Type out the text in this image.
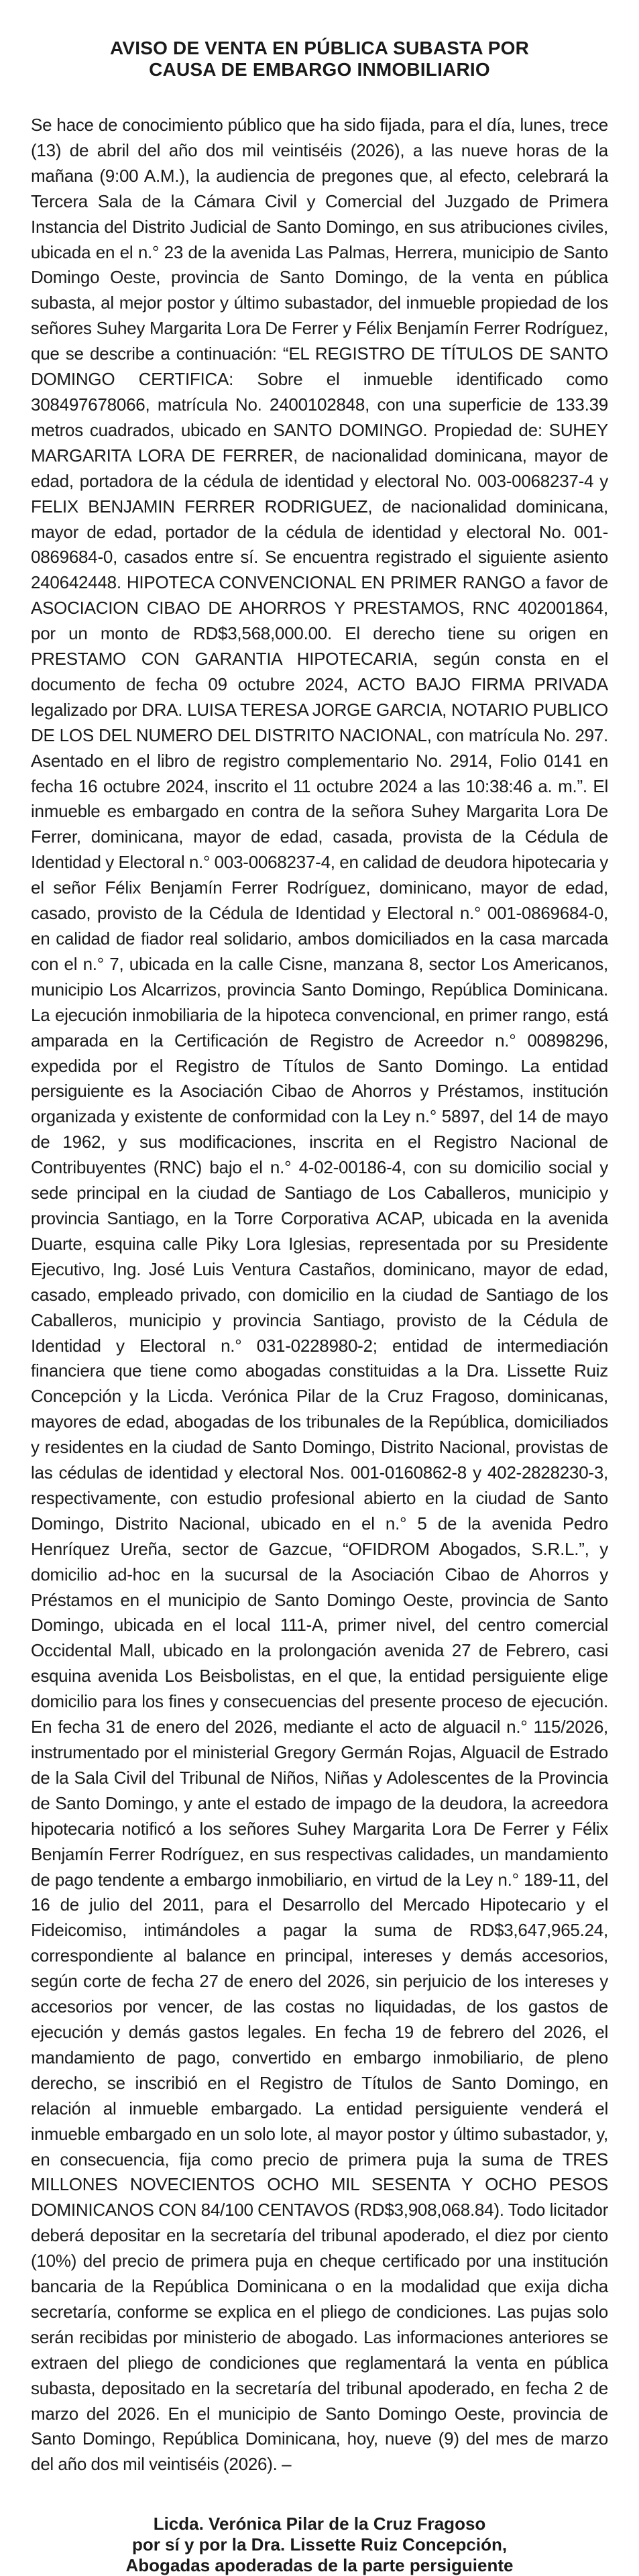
AVISO DE VENTA EN PÚBLICA SUBASTA POR
CAUSA DE EMBARGO INMOBILIARIO

Se hace de conocimiento público que ha sido fijada, para el día, lunes, trece (13) de abril del año dos mil veintiséis (2026), a las nueve horas de la mañana (9:00 A.M.), la audiencia de pregones que, al efecto, celebrará la Tercera Sala de la Cámara Civil y Comercial del Juzgado de Primera Instancia del Distrito Judicial de Santo Domingo, en sus atribuciones civiles, ubicada en el n.° 23 de la avenida Las Palmas, Herrera, municipio de Santo Domingo Oeste, provincia de Santo Domingo, de la venta en pública subasta, al mejor postor y último subastador, del inmueble propiedad de los señores Suhey Margarita Lora De Ferrer y Félix Benjamín Ferrer Rodríguez, que se describe a continuación: “EL REGISTRO DE TÍTULOS DE SANTO DOMINGO CERTIFICA: Sobre el inmueble identificado como 308497678066, matrícula No. 2400102848, con una superficie de 133.39 metros cuadrados, ubicado en SANTO DOMINGO. Propiedad de: SUHEY MARGARITA LORA DE FERRER, de nacionalidad dominicana, mayor de edad, portadora de la cédula de identidad y electoral No. 003-0068237-4 y FELIX BENJAMIN FERRER RODRIGUEZ, de nacionalidad dominicana, mayor de edad, portador de la cédula de identidad y electoral No. 001-0869684-0, casados entre sí. Se encuentra registrado el siguiente asiento 240642448. HIPOTECA CONVENCIONAL EN PRIMER RANGO a favor de ASOCIACION CIBAO DE AHORROS Y PRESTAMOS, RNC 402001864, por un monto de RD$3,568,000.00. El derecho tiene su origen en PRESTAMO CON GARANTIA HIPOTECARIA, según consta en el documento de fecha 09 octubre 2024, ACTO BAJO FIRMA PRIVADA legalizado por DRA. LUISA TERESA JORGE GARCIA, NOTARIO PUBLICO DE LOS DEL NUMERO DEL DISTRITO NACIONAL, con matrícula No. 297. Asentado en el libro de registro complementario No. 2914, Folio 0141 en fecha 16 octubre 2024, inscrito el 11 octubre 2024 a las 10:38:46 a. m.”. El inmueble es embargado en contra de la señora Suhey Margarita Lora De Ferrer, dominicana, mayor de edad, casada, provista de la Cédula de Identidad y Electoral n.° 003-0068237-4, en calidad de deudora hipotecaria y el señor Félix Benjamín Ferrer Rodríguez, dominicano, mayor de edad, casado, provisto de la Cédula de Identidad y Electoral n.° 001-0869684-0, en calidad de fiador real solidario, ambos domiciliados en la casa marcada con el n.° 7, ubicada en la calle Cisne, manzana 8, sector Los Americanos, municipio Los Alcarrizos, provincia Santo Domingo, República Dominicana. La ejecución inmobiliaria de la hipoteca convencional, en primer rango, está amparada en la Certificación de Registro de Acreedor n.° 00898296, expedida por el Registro de Títulos de Santo Domingo. La entidad persiguiente es la Asociación Cibao de Ahorros y Préstamos, institución organizada y existente de conformidad con la Ley n.° 5897, del 14 de mayo de 1962, y sus modificaciones, inscrita en el Registro Nacional de Contribuyentes (RNC) bajo el n.° 4-02-00186-4, con su domicilio social y sede principal en la ciudad de Santiago de Los Caballeros, municipio y provincia Santiago, en la Torre Corporativa ACAP, ubicada en la avenida Duarte, esquina calle Piky Lora Iglesias, representada por su Presidente Ejecutivo, Ing. José Luis Ventura Castaños, dominicano, mayor de edad, casado, empleado privado, con domicilio en la ciudad de Santiago de los Caballeros, municipio y provincia Santiago, provisto de la Cédula de Identidad y Electoral n.° 031-0228980-2; entidad de intermediación financiera que tiene como abogadas constituidas a la Dra. Lissette Ruiz Concepción y la Licda. Verónica Pilar de la Cruz Fragoso, dominicanas, mayores de edad, abogadas de los tribunales de la República, domiciliados y residentes en la ciudad de Santo Domingo, Distrito Nacional, provistas de las cédulas de identidad y electoral Nos. 001-0160862-8 y 402-2828230-3, respectivamente, con estudio profesional abierto en la ciudad de Santo Domingo, Distrito Nacional, ubicado en el n.° 5 de la avenida Pedro Henríquez Ureña, sector de Gazcue, “OFIDROM Abogados, S.R.L.”, y domicilio ad-hoc en la sucursal de la Asociación Cibao de Ahorros y Préstamos en el municipio de Santo Domingo Oeste, provincia de Santo Domingo, ubicada en el local 111-A, primer nivel, del centro comercial Occidental Mall, ubicado en la prolongación avenida 27 de Febrero, casi esquina avenida Los Beisbolistas, en el que, la entidad persiguiente elige domicilio para los fines y consecuencias del presente proceso de ejecución. En fecha 31 de enero del 2026, mediante el acto de alguacil n.° 115/2026, instrumentado por el ministerial Gregory Germán Rojas, Alguacil de Estrado de la Sala Civil del Tribunal de Niños, Niñas y Adolescentes de la Provincia de Santo Domingo, y ante el estado de impago de la deudora, la acreedora hipotecaria notificó a los señores Suhey Margarita Lora De Ferrer y Félix Benjamín Ferrer Rodríguez, en sus respectivas calidades, un mandamiento de pago tendente a embargo inmobiliario, en virtud de la Ley n.° 189-11, del 16 de julio del 2011, para el Desarrollo del Mercado Hipotecario y el Fideicomiso, intimándoles a pagar la suma de RD$3,647,965.24, correspondiente al balance en principal, intereses y demás accesorios, según corte de fecha 27 de enero del 2026, sin perjuicio de los intereses y accesorios por vencer, de las costas no liquidadas, de los gastos de ejecución y demás gastos legales. En fecha 19 de febrero del 2026, el mandamiento de pago, convertido en embargo inmobiliario, de pleno derecho, se inscribió en el Registro de Títulos de Santo Domingo, en relación al inmueble embargado. La entidad persiguiente venderá el inmueble embargado en un solo lote, al mayor postor y último subastador, y, en consecuencia, fija como precio de primera puja la suma de TRES MILLONES NOVECIENTOS OCHO MIL SESENTA Y OCHO PESOS DOMINICANOS CON 84/100 CENTAVOS (RD$3,908,068.84). Todo licitador deberá depositar en la secretaría del tribunal apoderado, el diez por ciento (10%) del precio de primera puja en cheque certificado por una institución bancaria de la República Dominicana o en la modalidad que exija dicha secretaría, conforme se explica en el pliego de condiciones. Las pujas solo serán recibidas por ministerio de abogado. Las informaciones anteriores se extraen del pliego de condiciones que reglamentará la venta en pública subasta, depositado en la secretaría del tribunal apoderado, en fecha 2 de marzo del 2026. En el municipio de Santo Domingo Oeste, provincia de Santo Domingo, República Dominicana, hoy, nueve (9) del mes de marzo del año dos mil veintiséis (2026). –

Licda. Verónica Pilar de la Cruz Fragoso
por sí y por la Dra. Lissette Ruiz Concepción,
Abogadas apoderadas de la parte persiguiente
